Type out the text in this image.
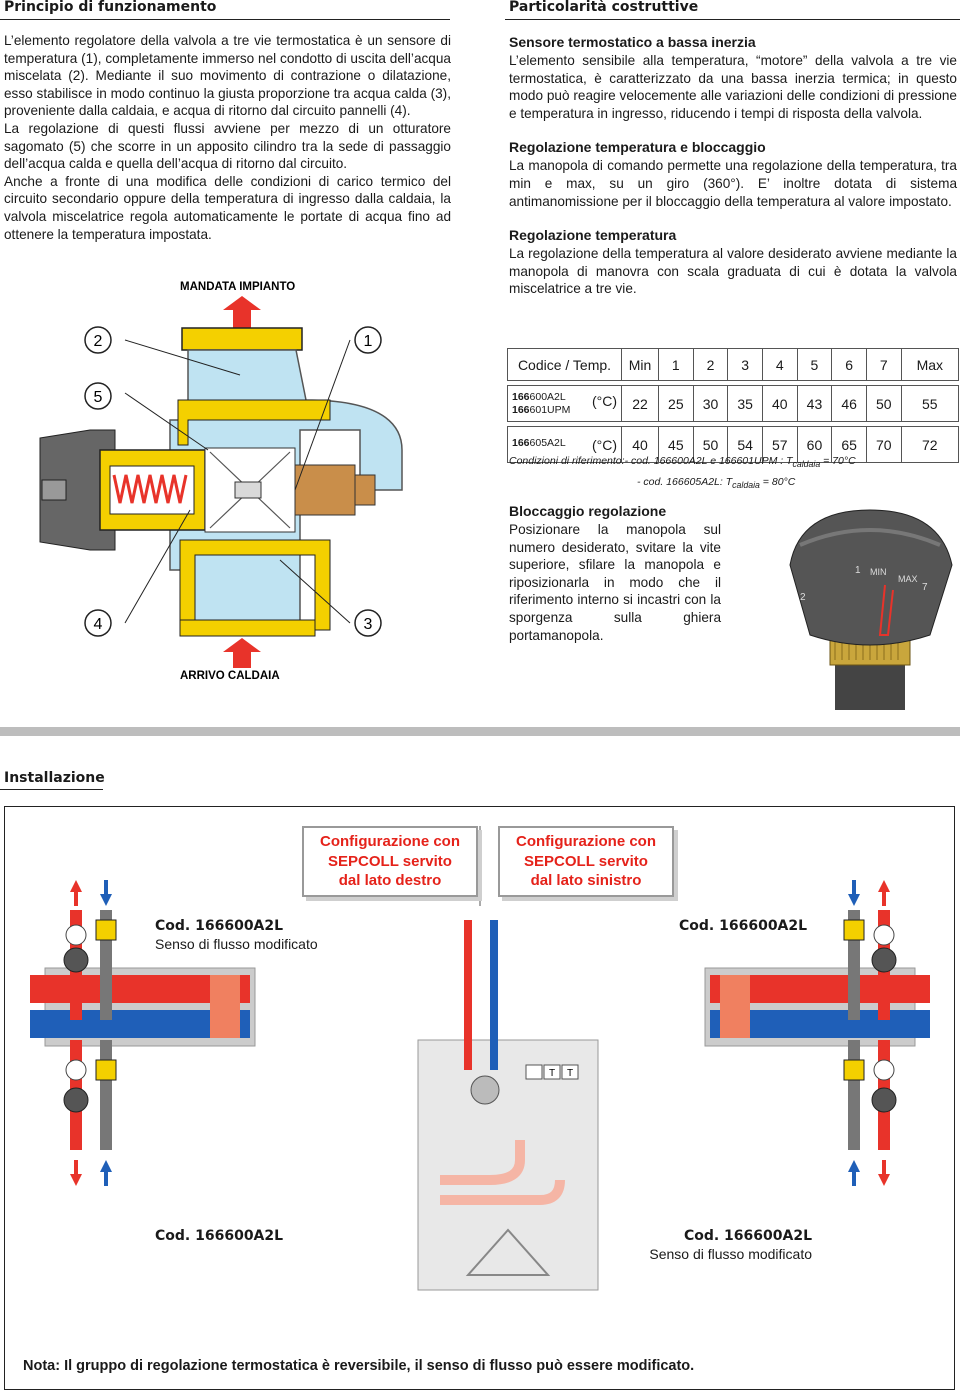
Principio di funzionamento

L’elemento regolatore della valvola a tre vie termostatica è un sensore di temperatura (1), completamente immerso nel condotto di uscita dell’acqua miscelata (2). Mediante il suo movimento di contrazione o dilatazione, esso stabilisce in modo continuo la giusta proporzione tra acqua calda (3), proveniente dalla caldaia, e acqua di ritorno dal circuito pannelli (4).

La regolazione di questi flussi avviene per mezzo di un otturatore sagomato (5) che scorre in un apposito cilindro tra la sede di passaggio dell’acqua calda e quella dell’acqua di ritorno dal circuito.

Anche a fronte di una modifica delle condizioni di carico termico del circuito secondario oppure della temperatura di ingresso dalla caldaia, la valvola miscelatrice regola automaticamente le portate di acqua fino ad ottenere la temperatura impostata.

2
5
1
4	3
MANDATA IMPIANTO
ARRIVO CALDAIA
Particolarità costruttive

Sensore termostatico a bassa inerzia

L’elemento sensibile alla temperatura, “motore” della valvola a tre vie termostatica, è caratterizzato da una bassa inerzia termica; in questo modo può reagire velocemente alle variazioni delle condizioni di pressione e temperatura in ingresso, riducendo i tempi di risposta della valvola.

Regolazione temperatura e bloccaggio

La manopola di comando permette una regolazione della temperatura, tra min e max, su un giro (360°). E’ inoltre dotata di sistema antimanomissione per il bloccaggio della temperatura al valore impostato.

Regolazione temperatura

La regolazione della temperatura al valore desiderato avviene mediante la manopola di manovra con scala graduata di cui è dotata la valvola miscelatrice a tre vie.

Codice / Temp.	Min	1	2	3	4	5	6	7	Max

(°C)
166600A2L
166601UPM	22	25	30	35	40	43	46	50	55

(°C)
166605A2L	40	45	50	54	57	60	65	70	72
Condizioni di riferimento:- cod. 166600A2L e 166601UPM : $T_{caldaia} = 70^\circ C$
- cod. 166605A2L: $T_{caldaia} = 80^\circ C$

Bloccaggio regolazione

Posizionare la manopola sul numero desiderato, svitare la vite superiore, sfilare la manopola e riposizionarla in modo che il riferimento interno si incastri con la sporgenza sulla ghiera portamanopola.

2
1 MIN
MAX
7
Installazione
Configurazione con
SEPCOLL servito
dal lato destro
Configurazione con
SEPCOLL servito
dal lato sinistro
Cod. 166600A2L
Senso di flusso modificato
Cod. 166600A2L
Cod. 166600A2L	Cod. 166600A2L
Senso di flusso modificato
T T
Nota: Il gruppo di regolazione termostatica è reversibile, il senso di flusso può essere modificato.
